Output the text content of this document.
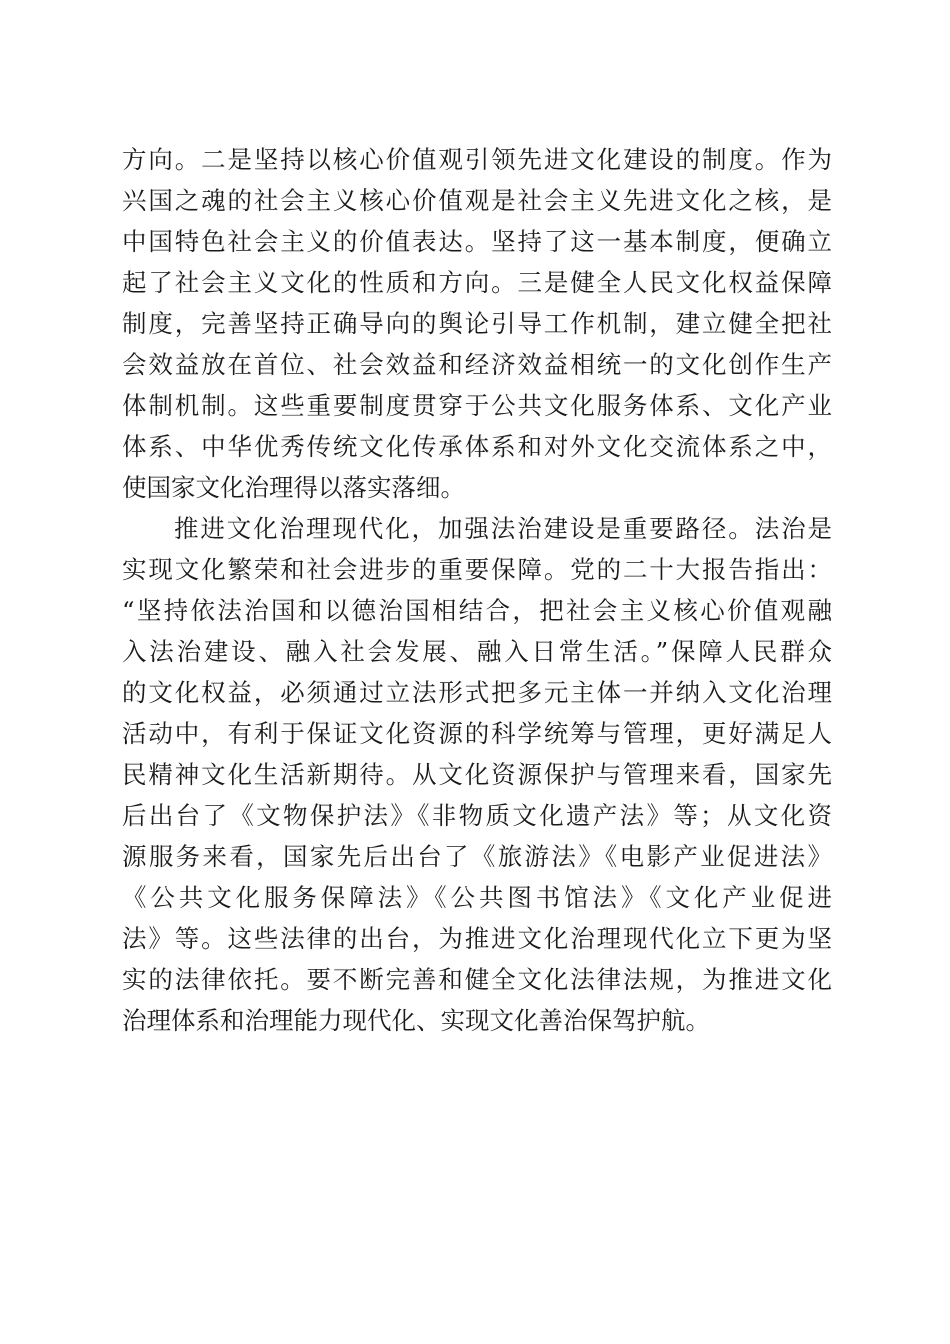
方向。二是坚持以核心价值观引领先进文化建设的制度。作为
兴国之魂的社会主义核心价值观是社会主义先进文化之核，是
中国特色社会主义的价值表达。坚持了这一基本制度，便确立
起了社会主义文化的性质和方向。三是健全人民文化权益保障
制度，完善坚持正确导向的舆论引导工作机制，建立健全把社
会效益放在首位、社会效益和经济效益相统一的文化创作生产
体制机制。这些重要制度贯穿于公共文化服务体系、文化产业
体系、中华优秀传统文化传承体系和对外文化交流体系之中，
使国家文化治理得以落实落细。
推进文化治理现代化，加强法治建设是重要路径。法治是
实现文化繁荣和社会进步的重要保障。党的二十大报告指出：
“坚持依法治国和以德治国相结合，把社会主义核心价值观融
入法治建设、融入社会发展、融入日常生活。”保障人民群众
的文化权益，必须通过立法形式把多元主体一并纳入文化治理
活动中，有利于保证文化资源的科学统筹与管理，更好满足人
民精神文化生活新期待。从文化资源保护与管理来看，国家先
后出台了《文物保护法》《非物质文化遗产法》等；从文化资
源服务来看，国家先后出台了《旅游法》《电影产业促进法》
《公共文化服务保障法》《公共图书馆法》《文化产业促进
法》等。这些法律的出台，为推进文化治理现代化立下更为坚
实的法律依托。要不断完善和健全文化法律法规，为推进文化
治理体系和治理能力现代化、实现文化善治保驾护航。
